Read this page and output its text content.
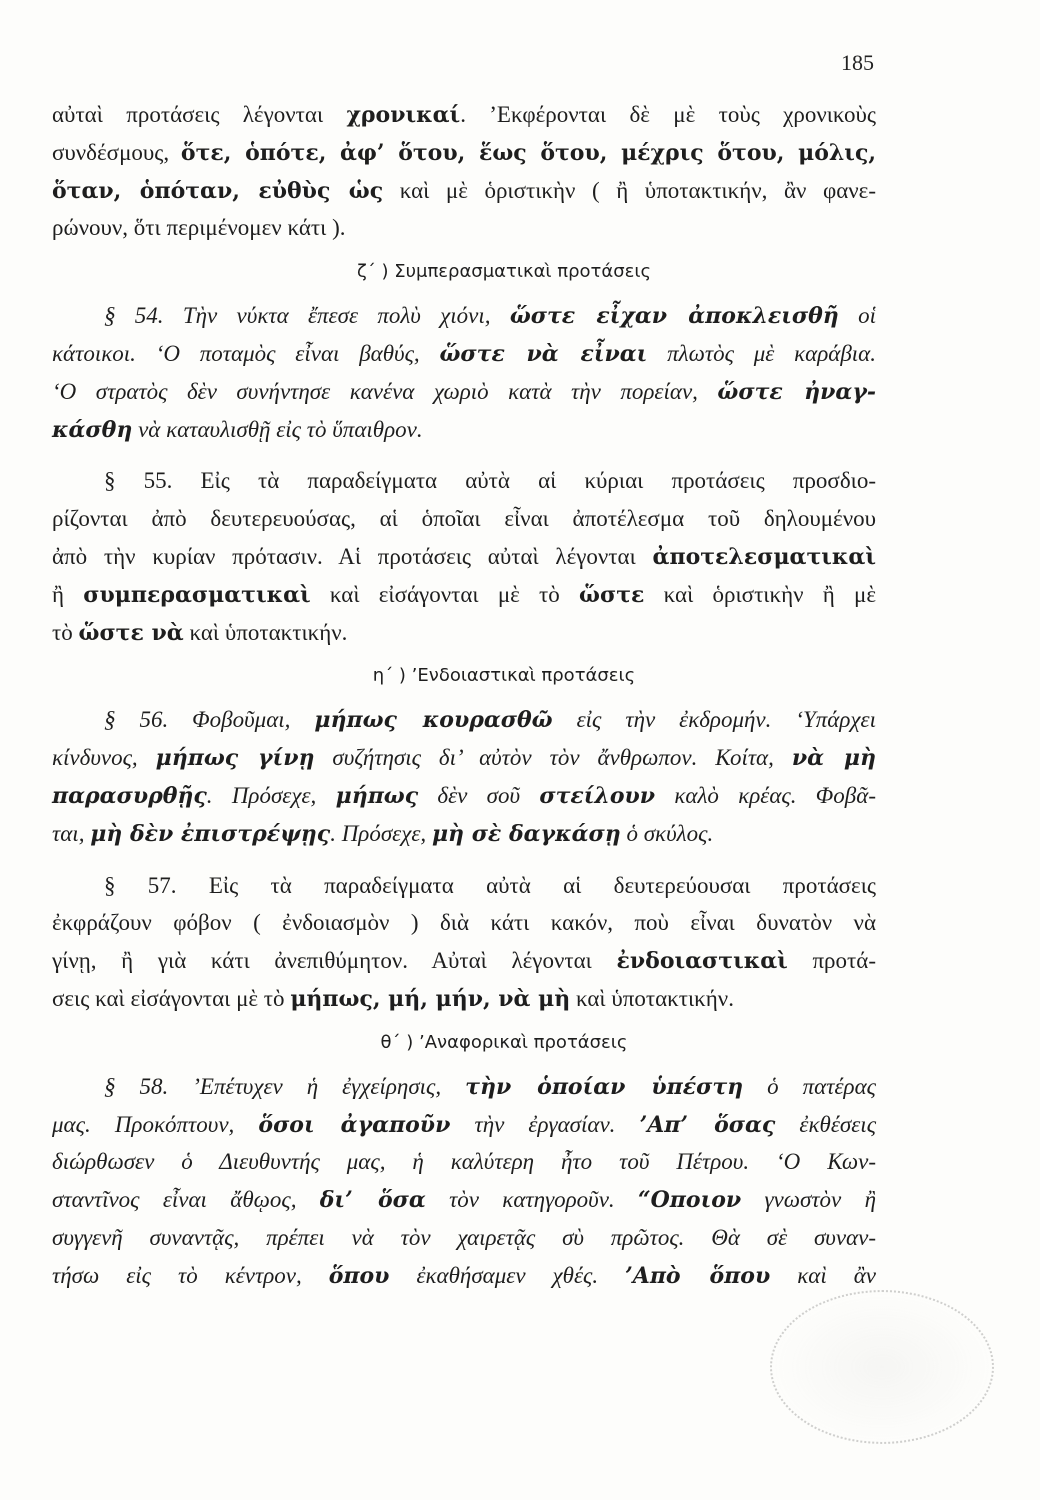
185
αὐταὶ προτάσεις λέγονται χρονικαί. ’Εκφέρονται δὲ μὲ τοὺς χρονικοὺς
συνδέσμους, ὅτε, ὁπότε, ἀφ’ ὅτου, ἕως ὅτου, μέχρις ὅτου, μόλις,
ὅταν, ὁπόταν, εὐθὺς ὡς καὶ μὲ ὁριστικὴν ( ἢ ὑποτακτικήν, ἂν φανε-
ρώνουν, ὅτι περιμένομεν κάτι ).
ζ΄ ) Συμπερασματικαὶ προτάσεις
§ 54. Τὴν νύκτα ἔπεσε πολὺ χιόνι, ὥστε εἶχαν ἀποκλεισθῆ οἱ
κάτοικοι. ‘Ο ποταμὸς εἶναι βαθύς, ὥστε νὰ εἶναι πλωτὸς μὲ καράβια.
‘Ο στρατὸς δὲν συνήντησε κανένα χωριὸ κατὰ τὴν πορείαν, ὥστε ἠναγ-
κάσθη νὰ καταυλισθῇ εἰς τὸ ὕπαιθρον.
§ 55. Εἰς τὰ παραδείγματα αὐτὰ αἱ κύριαι προτάσεις προσδιο-
ρίζονται ἀπὸ δευτερευούσας, αἱ ὁποῖαι εἶναι ἀποτέλεσμα τοῦ δηλουμένου
ἀπὸ τὴν κυρίαν πρότασιν. Αἱ προτάσεις αὐταὶ λέγονται ἀποτελεσματικαὶ
ἢ συμπερασματικαὶ καὶ εἰσάγονται μὲ τὸ ὥστε καὶ ὁριστικὴν ἢ μὲ
τὸ ὥστε νὰ καὶ ὑποτακτικήν.
η΄ ) ’Ενδοιαστικαὶ προτάσεις
§ 56. Φοβοῦμαι, μήπως κουρασθῶ εἰς τὴν ἐκδρομήν. ‘Υπάρχει
κίνδυνος, μήπως γίνῃ συζήτησις δι’ αὐτὸν τὸν ἄνθρωπον. Κοίτα, νὰ μὴ
παρασυρθῇς. Πρόσεχε, μήπως δὲν σοῦ στείλουν καλὸ κρέας. Φοβᾶ-
ται, μὴ δὲν ἐπιστρέψῃς. Πρόσεχε, μὴ σὲ δαγκάσῃ ὁ σκύλος.
§ 57. Εἰς τὰ παραδείγματα αὐτὰ αἱ δευτερεύουσαι προτάσεις
ἐκφράζουν φόβον ( ἐνδοιασμὸν ) διὰ κάτι κακόν, ποὺ εἶναι δυνατὸν νὰ
γίνῃ, ἢ γιὰ κάτι ἀνεπιθύμητον. Αὐταὶ λέγονται ἐνδοιαστικαὶ προτά-
σεις καὶ εἰσάγονται μὲ τὸ μήπως, μή, μήν, νὰ μὴ καὶ ὑποτακτικήν.
θ΄ ) ’Αναφορικαὶ προτάσεις
§ 58. ’Επέτυχεν ἡ ἐγχείρησις, τὴν ὁποίαν ὑπέστη ὁ πατέρας
μας. Προκόπτουν, ὅσοι ἀγαποῦν τὴν ἐργασίαν. ’Απ’ ὅσας ἐκθέσεις
διώρθωσεν ὁ Διευθυντής μας, ἡ καλύτερη ἦτο τοῦ Πέτρου. ‘Ο Κων-
σταντῖνος εἶναι ἄθῳος, δι’ ὅσα τὸν κατηγοροῦν. “Οποιον γνωστὸν ἢ
συγγενῆ συναντᾷς, πρέπει νὰ τὸν χαιρετᾷς σὺ πρῶτος. Θὰ σὲ συναν-
τήσω εἰς τὸ κέντρον, ὅπου ἐκαθήσαμεν χθές. ’Απὸ ὅπου καὶ ἂν
